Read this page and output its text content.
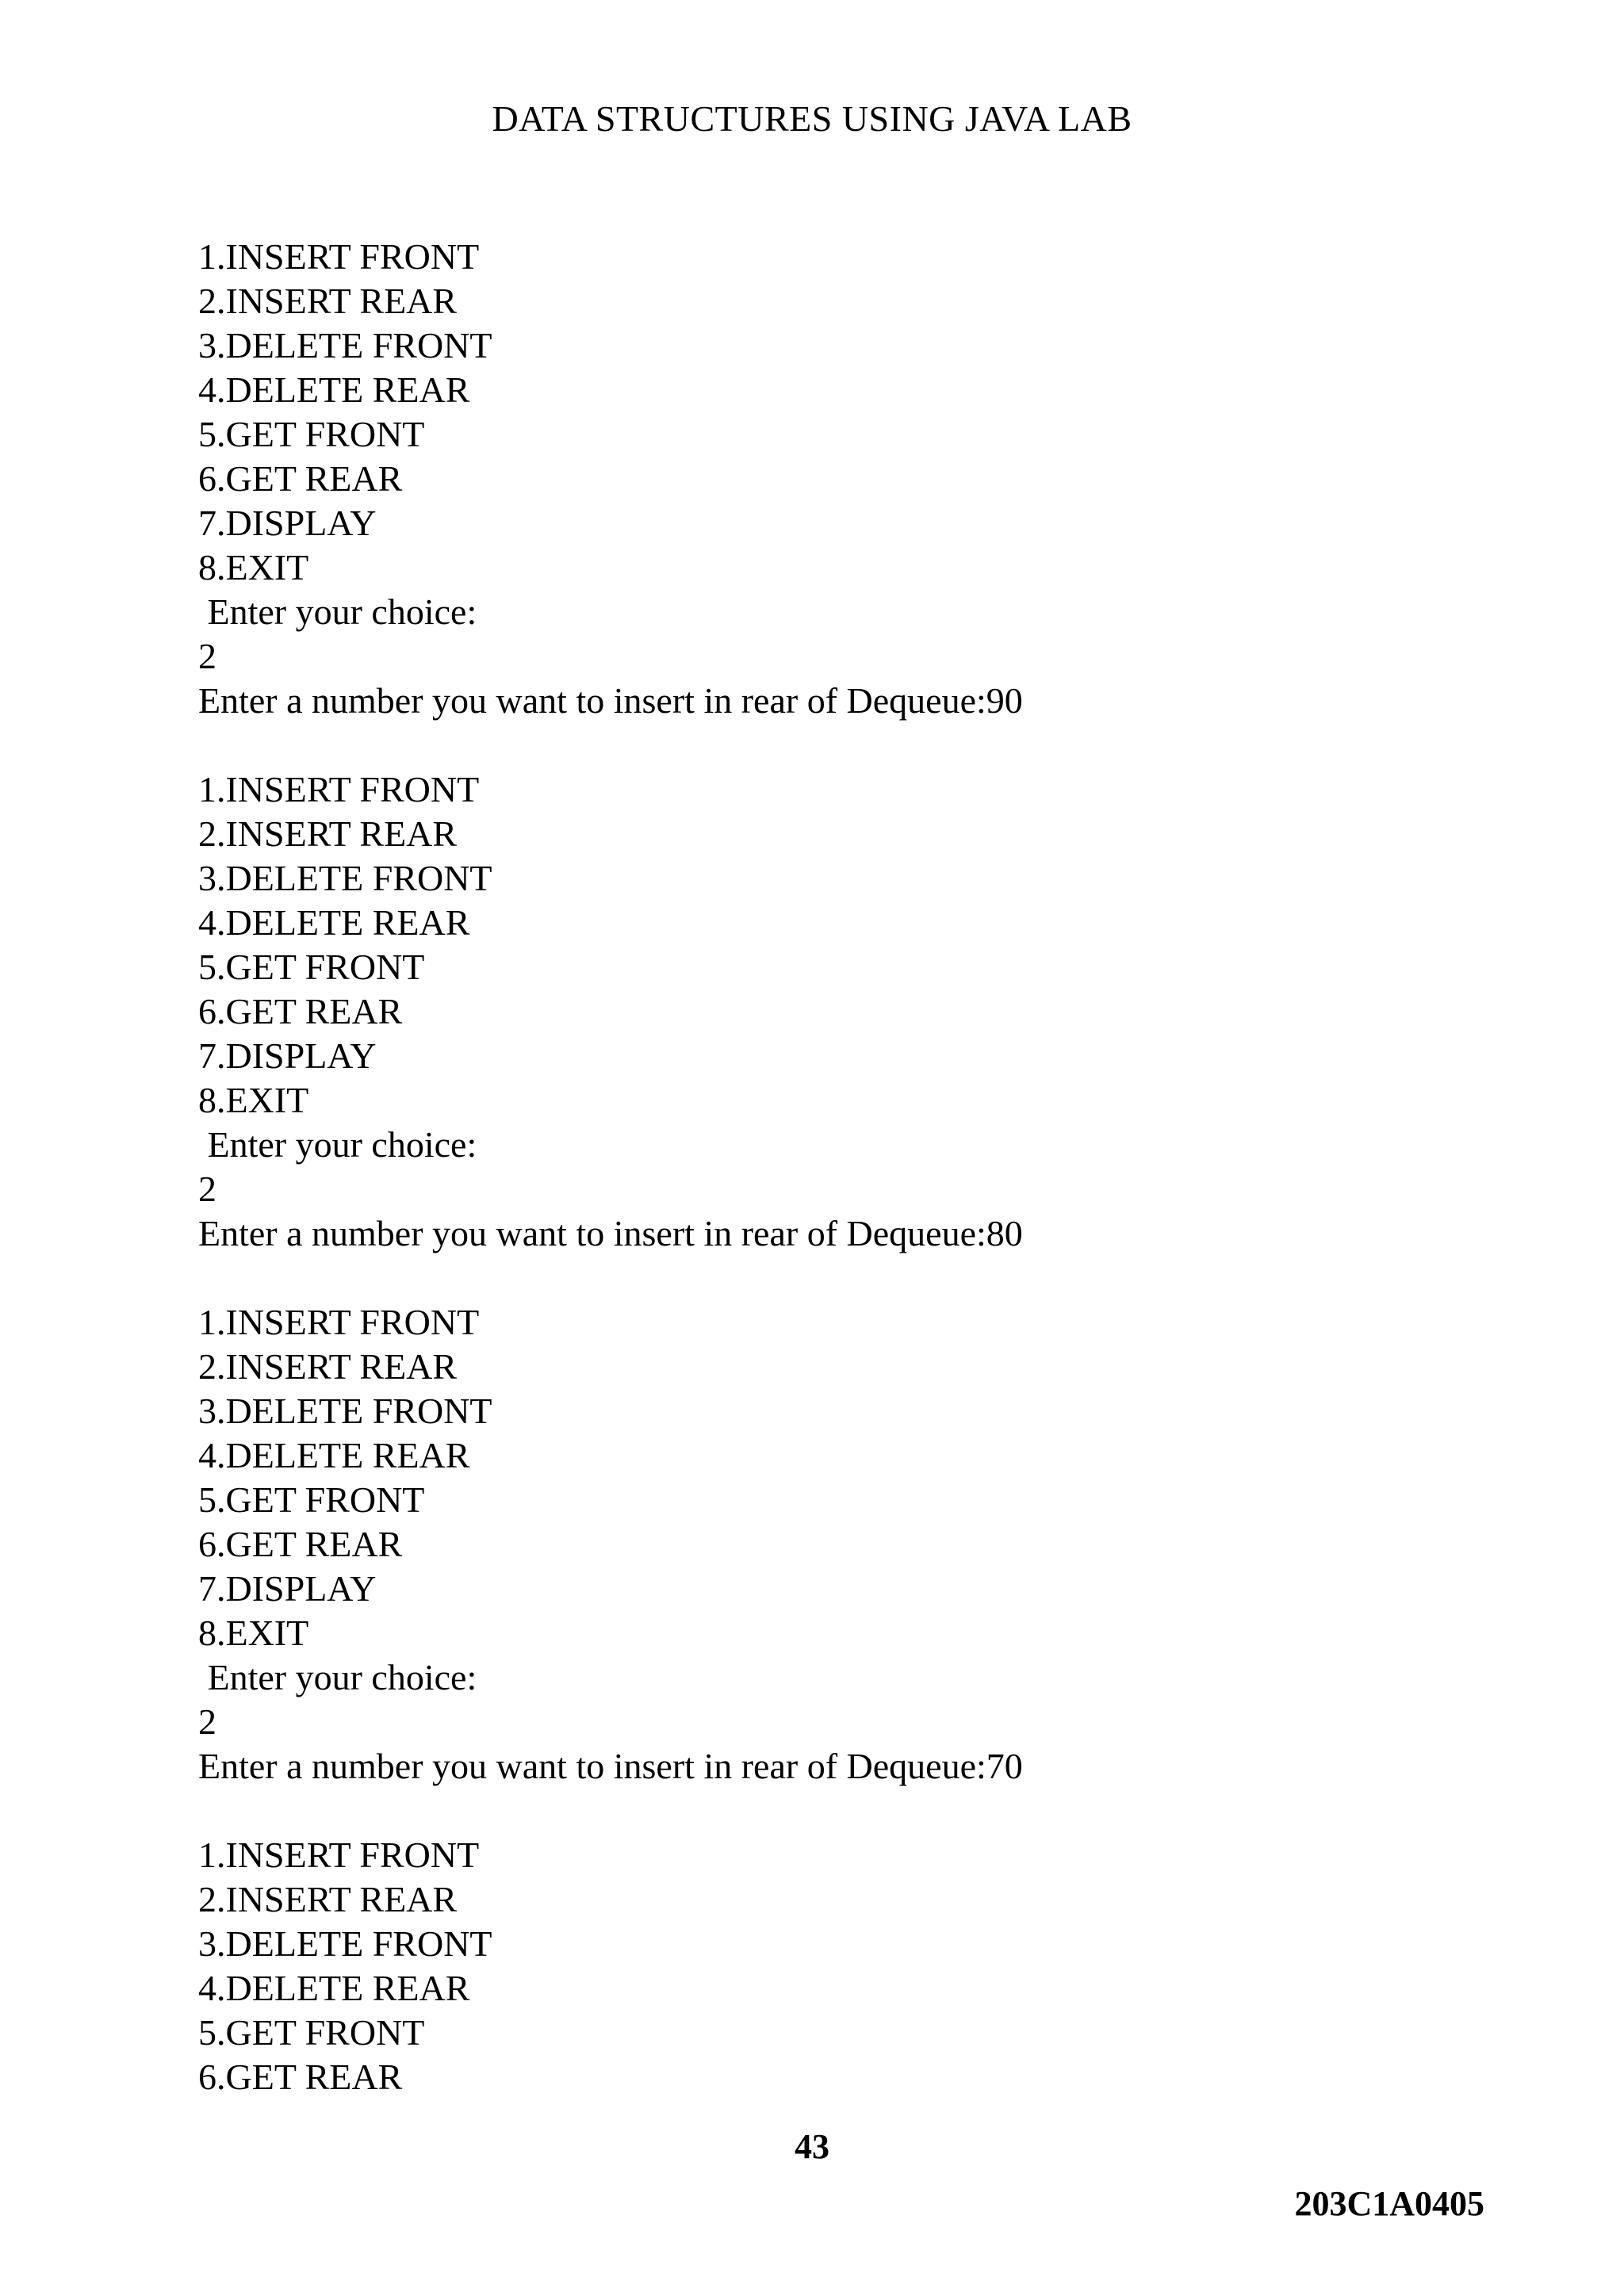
DATA STRUCTURES USING JAVA LAB
1.INSERT FRONT
2.INSERT REAR
3.DELETE FRONT
4.DELETE REAR
5.GET FRONT
6.GET REAR
7.DISPLAY
8.EXIT
Enter your choice:
2
Enter a number you want to insert in rear of Dequeue:90
1.INSERT FRONT
2.INSERT REAR
3.DELETE FRONT
4.DELETE REAR
5.GET FRONT
6.GET REAR
7.DISPLAY
8.EXIT
Enter your choice:
2
Enter a number you want to insert in rear of Dequeue:80
1.INSERT FRONT
2.INSERT REAR
3.DELETE FRONT
4.DELETE REAR
5.GET FRONT
6.GET REAR
7.DISPLAY
8.EXIT
Enter your choice:
2
Enter a number you want to insert in rear of Dequeue:70
1.INSERT FRONT
2.INSERT REAR
3.DELETE FRONT
4.DELETE REAR
5.GET FRONT
6.GET REAR
43
203C1A0405
